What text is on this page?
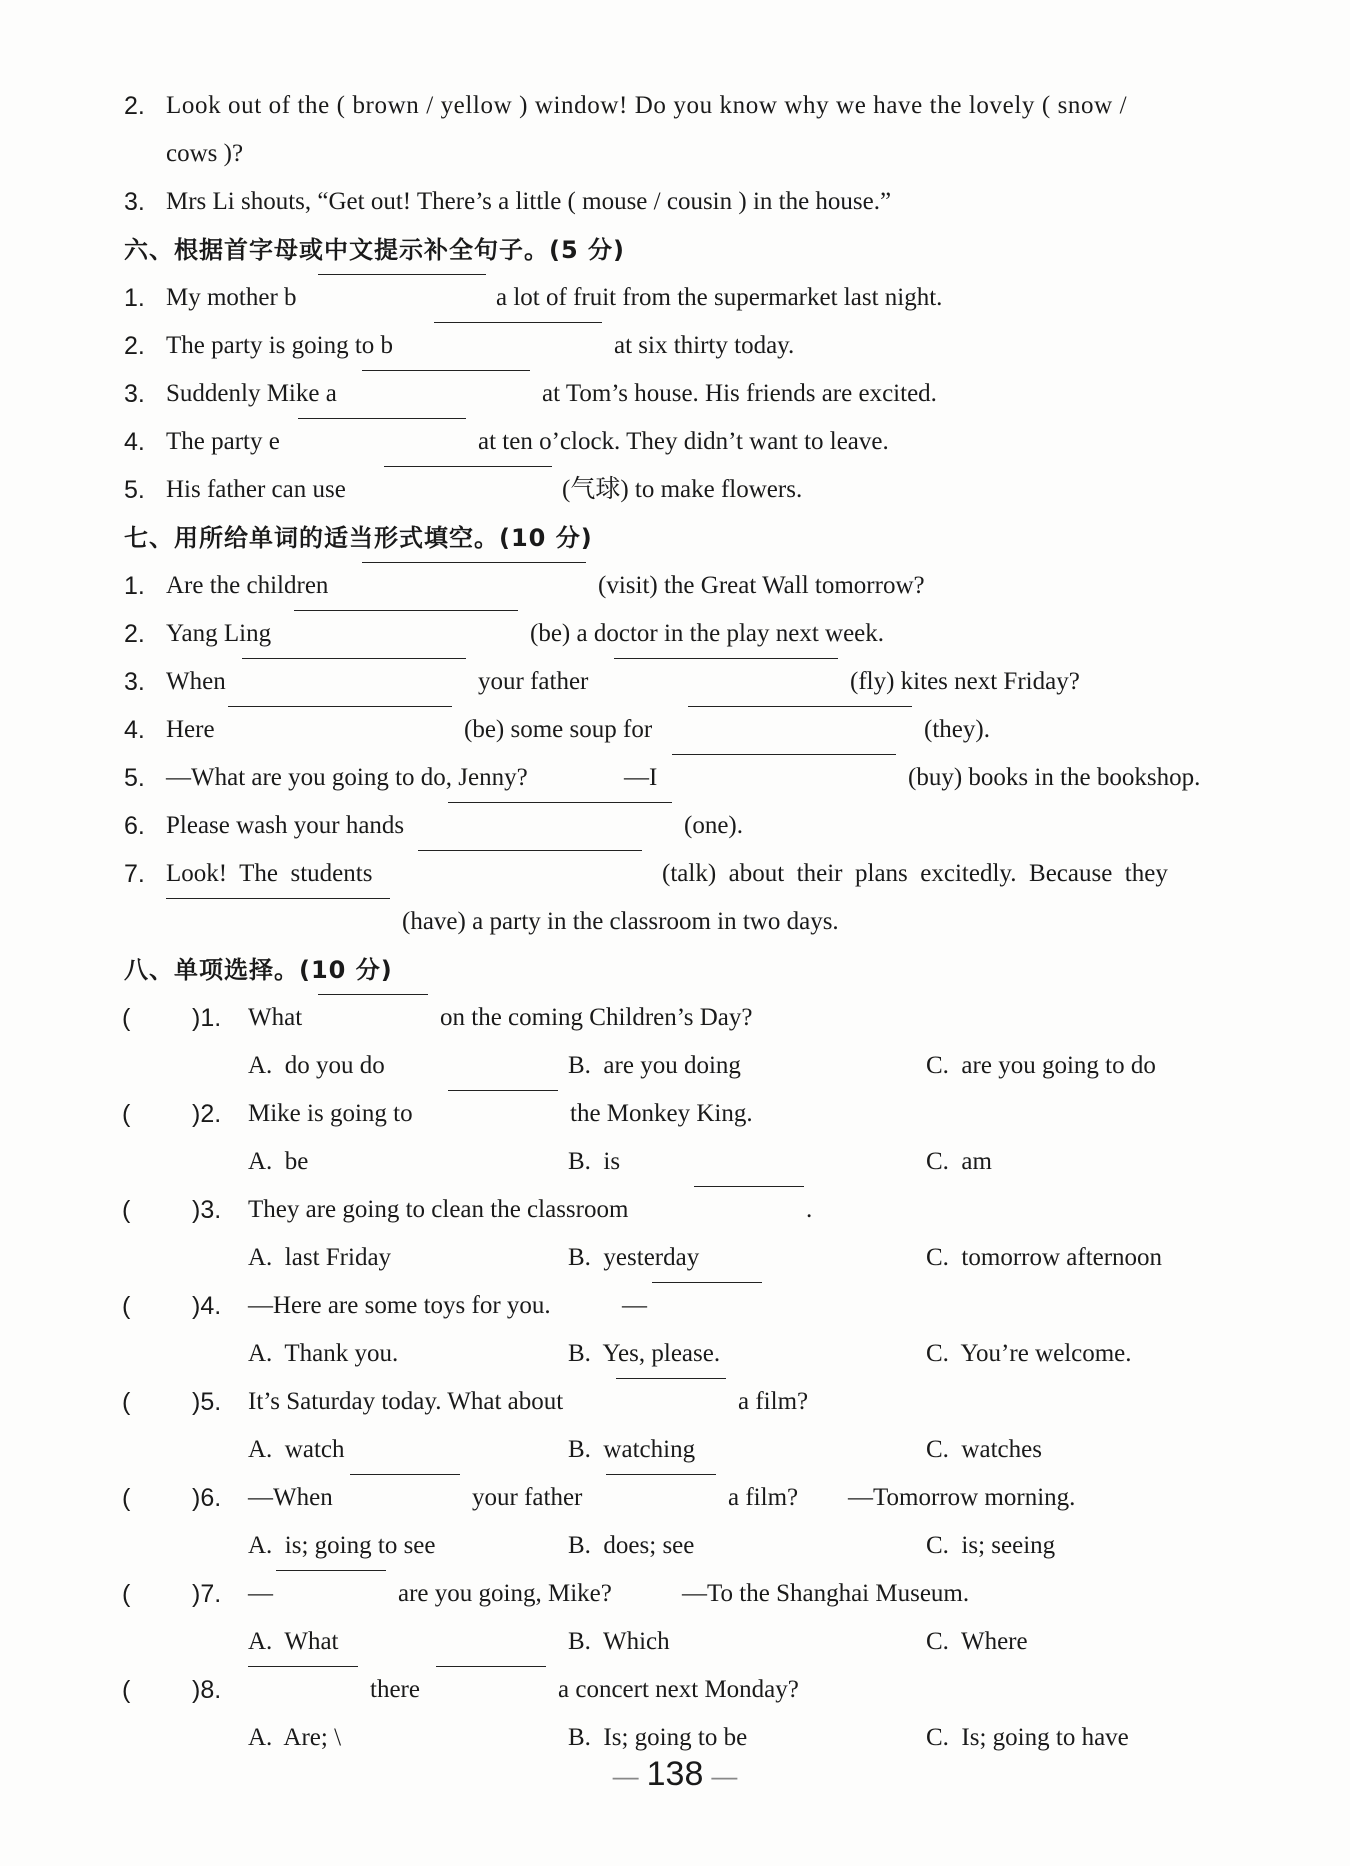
2. Look out of the ( brown / yellow ) window! Do you know why we have the lovely ( snow /
cows )?
3. Mrs Li shouts, “Get out! There’s a little ( mouse / cousin ) in the house.”
六、根据首字母或中文提示补全句子。(5 分)
1. My mother b	a lot of fruit from the supermarket last night.
2. The party is going to b	at six thirty today.
3. Suddenly Mike a	at Tom’s house. His friends are excited.
4. The party e	at ten o’clock. They didn’t want to leave.
5. His father can use	(气球) to make flowers.
七、用所给单词的适当形式填空。(10 分)
1. Are the children	(visit) the Great Wall tomorrow?
2. Yang Ling	(be) a doctor in the play next week.
3. When	your father	(fly) kites next Friday?
4. Here	(be) some soup for	(they).
5. —What are you going to do, Jenny?	—I	(buy) books in the bookshop.
6. Please wash your hands	(one).
7. Look!  The  students	(talk)  about  their  plans  excitedly.  Because  they
(have) a party in the classroom in two days.
八、单项选择。(10 分)
( )1. What	on the coming Children’s Day?
A.  do you do	B.  are you doing	C.  are you going to do
( )2. Mike is going to	the Monkey King.
A.  be	B.  is	C.  am
( )3. They are going to clean the classroom	.
A.  last Friday	B.  yesterday	C.  tomorrow afternoon
( )4. —Here are some toys for you.	—
A.  Thank you.	B.  Yes, please.	C.  You’re welcome.
( )5. It’s Saturday today. What about	a film?
A.  watch	B.  watching	C.  watches
( )6. —When	your father	a film? —Tomorrow morning.
A.  is; going to see	B.  does; see	C.  is; seeing
( )7. —	are you going, Mike?	—To the Shanghai Museum.
A.  What	B.  Which	C.  Where
( )8.	there	a concert next Monday?
A.  Are; \	B.  Is; going to be	C.  Is; going to have
— 138 —
